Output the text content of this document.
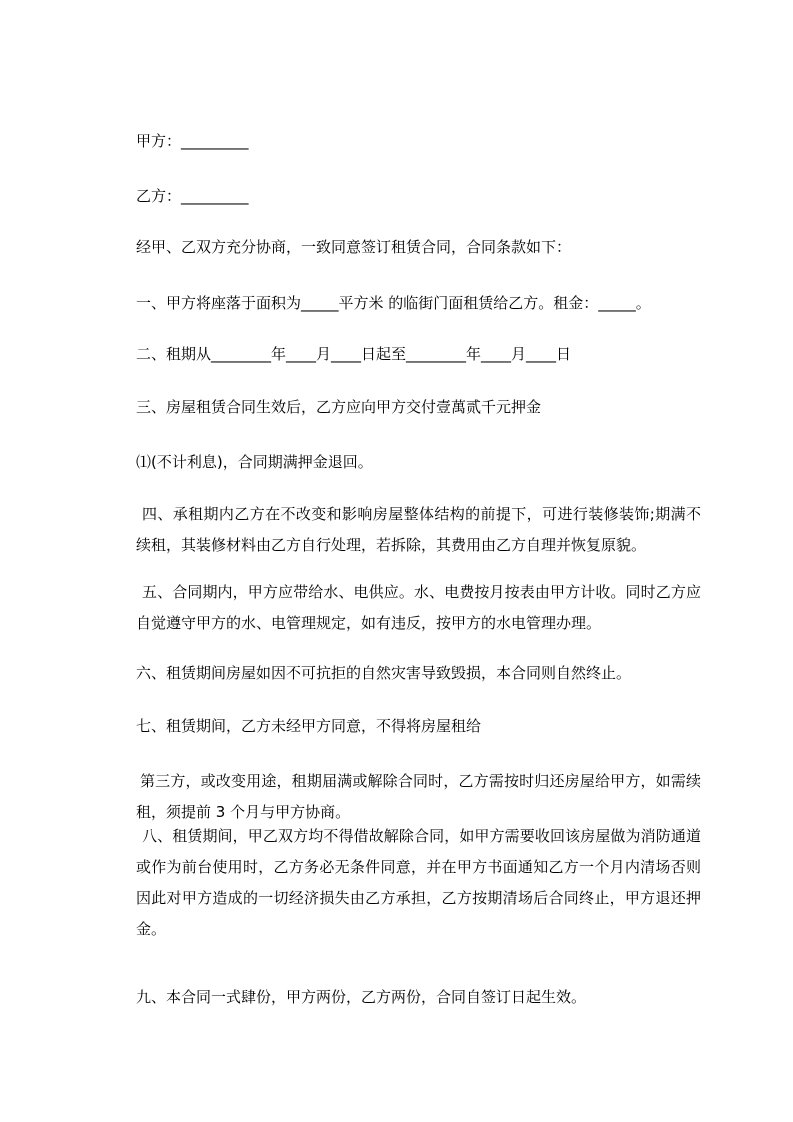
甲方：_________
乙方：_________
经甲、乙双方充分协商，一致同意签订租赁合同，合同条款如下：
一、甲方将座落于面积为_____平方米 的临街门面租赁给乙方。租金：_____。
二、租期从________年____月____日起至________年____月____日
三、房屋租赁合同生效后，乙方应向甲方交付壹萬贰千元押金
⑴(不计利息)，合同期满押金退回。
四、承租期内乙方在不改变和影响房屋整体结构的前提下，可进行装修装饰;期满不续租，其装修材料由乙方自行处理，若拆除，其费用由乙方自理并恢复原貌。
五、合同期内，甲方应带给水、电供应。水、电费按月按表由甲方计收。同时乙方应自觉遵守甲方的水、电管理规定，如有违反，按甲方的水电管理办理。
六、租赁期间房屋如因不可抗拒的自然灾害导致毁损，本合同则自然终止。
七、租赁期间，乙方未经甲方同意，不得将房屋租给
第三方，或改变用途，租期届满或解除合同时，乙方需按时归还房屋给甲方，如需续租，须提前 3 个月与甲方协商。
八、租赁期间，甲乙双方均不得借故解除合同，如甲方需要收回该房屋做为消防通道或作为前台使用时，乙方务必无条件同意，并在甲方书面通知乙方一个月内清场否则因此对甲方造成的一切经济损失由乙方承担，乙方按期清场后合同终止，甲方退还押金。
九、本合同一式肆份，甲方两份，乙方两份，合同自签订日起生效。
